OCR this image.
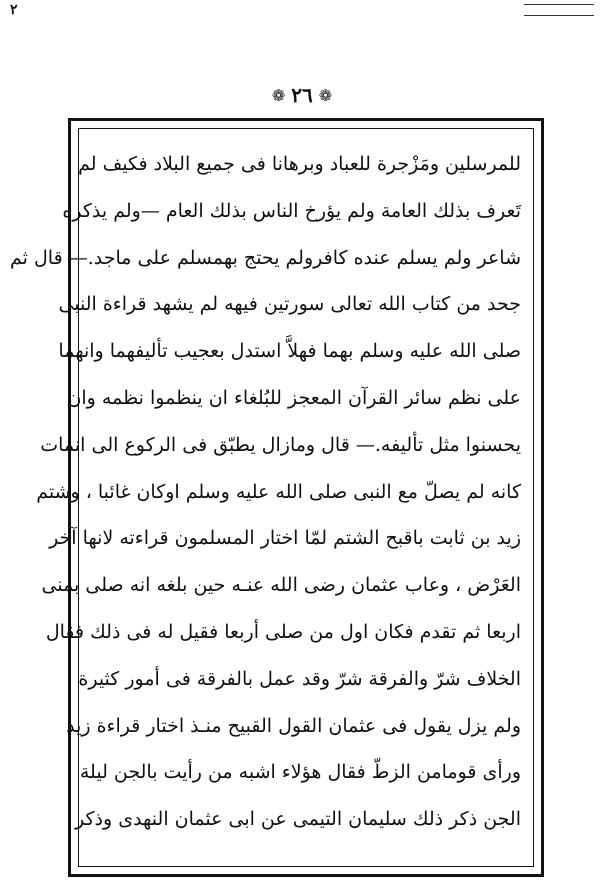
٢
❁ ٢٦ ❁
للمرسلين ومَزْجرة للعباد وبرهانا فى جميع البلاد فكيف لم
تَعرف بذلك العامة ولم يؤرخ الناس بذلك العام —ولم يذكره
شاعر ولم يسلم عنده كافرولم يحتج بهمسلم على ماجد.— قال ثم
جحد من كتاب الله تعالى سورتين فيهه لم يشهد قراءة النبى
صلى الله عليه وسلم بهما فهلاَّ استدل بعجيب تأليفهما وانهما
على نظم سائر القرآن المعجز للبُلغاء ان ينظموا نظمه وان
يحسنوا مثل تأليفه.— قال ومازال يطبّق فى الركوع الى انمات
كانه لم يصلّ مع النبى صلى الله عليه وسلم اوكان غائبا ، وشتم
زيد بن ثابت باقبح الشتم لمّا اختار المسلمون قراءته لانها آخر
العَرْض ، وعاب عثمان رضى الله عنـه حين بلغه انه صلى بمنى
اربعا ثم تقدم فكان اول من صلى أربعا فقيل له فى ذلك فقال
الخلاف شرّ والفرقة شرّ وقد عمل بالفرقة فى أمور كثيرة
ولم يزل يقول فى عثمان القول القبيح منـذ اختار قراءة زيد
ورأى قومامن الزطّ فقال هؤلاء اشبه من رأيت بالجن ليلة
الجن ذكر ذلك سليمان التيمى عن ابى عثمان النهدى وذكر
